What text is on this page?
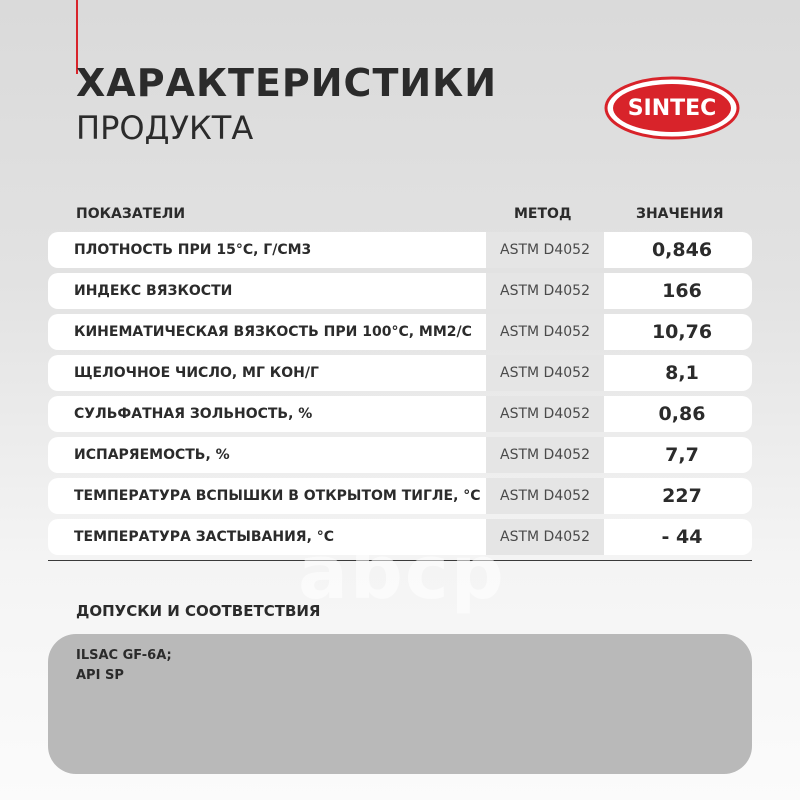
ХАРАКТЕРИСТИКИ
ПРОДУКТА
SINTEC
ПОКАЗАТЕЛИ	МЕТОД	ЗНАЧЕНИЯ
ПЛОТНОСТЬ ПРИ 15°С, Г/СМ3	ASTM D4052	0,846
ИНДЕКС ВЯЗКОСТИ	ASTM D4052	166
КИНЕМАТИЧЕСКАЯ ВЯЗКОСТЬ ПРИ 100°С, ММ2/С	ASTM D4052	10,76
ЩЕЛОЧНОЕ ЧИСЛО, МГ КОН/Г	ASTM D4052	8,1
СУЛЬФАТНАЯ ЗОЛЬНОСТЬ, %	ASTM D4052	0,86
ИСПАРЯЕМОСТЬ, %	ASTM D4052	7,7
ТЕМПЕРАТУРА ВСПЫШКИ В ОТКРЫТОМ ТИГЛЕ, °С	ASTM D4052	227
ТЕМПЕРАТУРА ЗАСТЫВАНИЯ, °С	ASTM D4052	- 44
abcp
ДОПУСКИ И СООТВЕТСТВИЯ
ILSAC GF-6A;
API SP
